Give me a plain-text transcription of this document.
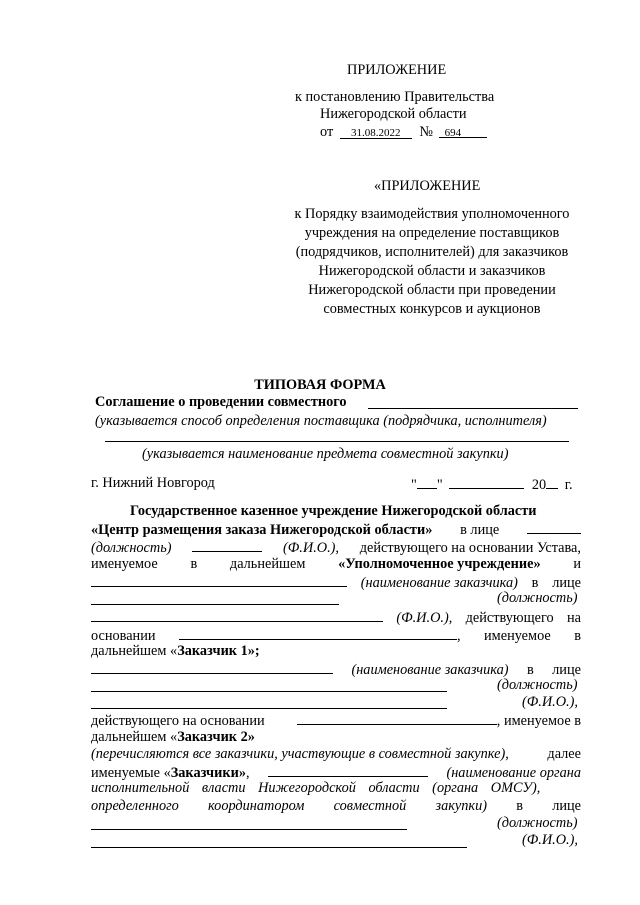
ПРИЛОЖЕНИЕ
к постановлению Правительства
Нижегородской области
от 31.08.2022 № 694
«ПРИЛОЖЕНИЕ
к Порядку взаимодействия уполномоченного
учреждения на определение поставщиков
(подрядчиков, исполнителей) для заказчиков
Нижегородской области и заказчиков
Нижегородской области при проведении
совместных конкурсов и аукционов
ТИПОВАЯ ФОРМА
Соглашение о проведении совместного
(указывается способ определения поставщика (подрядчика, исполнителя)
(указывается наименование предмета совместной закупки)
г. Нижний Новгород	" "	20 г.
Государственное казенное учреждение Нижегородской области
«Центр размещения заказа Нижегородской области» в лице
(должность)	(Ф.И.О.), действующего на основании Устава,
именуемое в дальнейшем «Уполномоченное учреждение» и
(наименование заказчика) в лице
(должность)
(Ф.И.О.), действующего на
основании	, именуемое в
дальнейшем «Заказчик 1»;
(наименование заказчика) в лице
(должность)
(Ф.И.О.),
действующего на основании	, именуемое в
дальнейшем «Заказчик 2»
(перечисляются все заказчики, участвующие в совместной закупке),	далее
именуемые «Заказчики»,	(наименование органа
исполнительной власти Нижегородской области (органа ОМСУ),
определенного координатором совместной закупки) в лице
(должность)
(Ф.И.О.),
